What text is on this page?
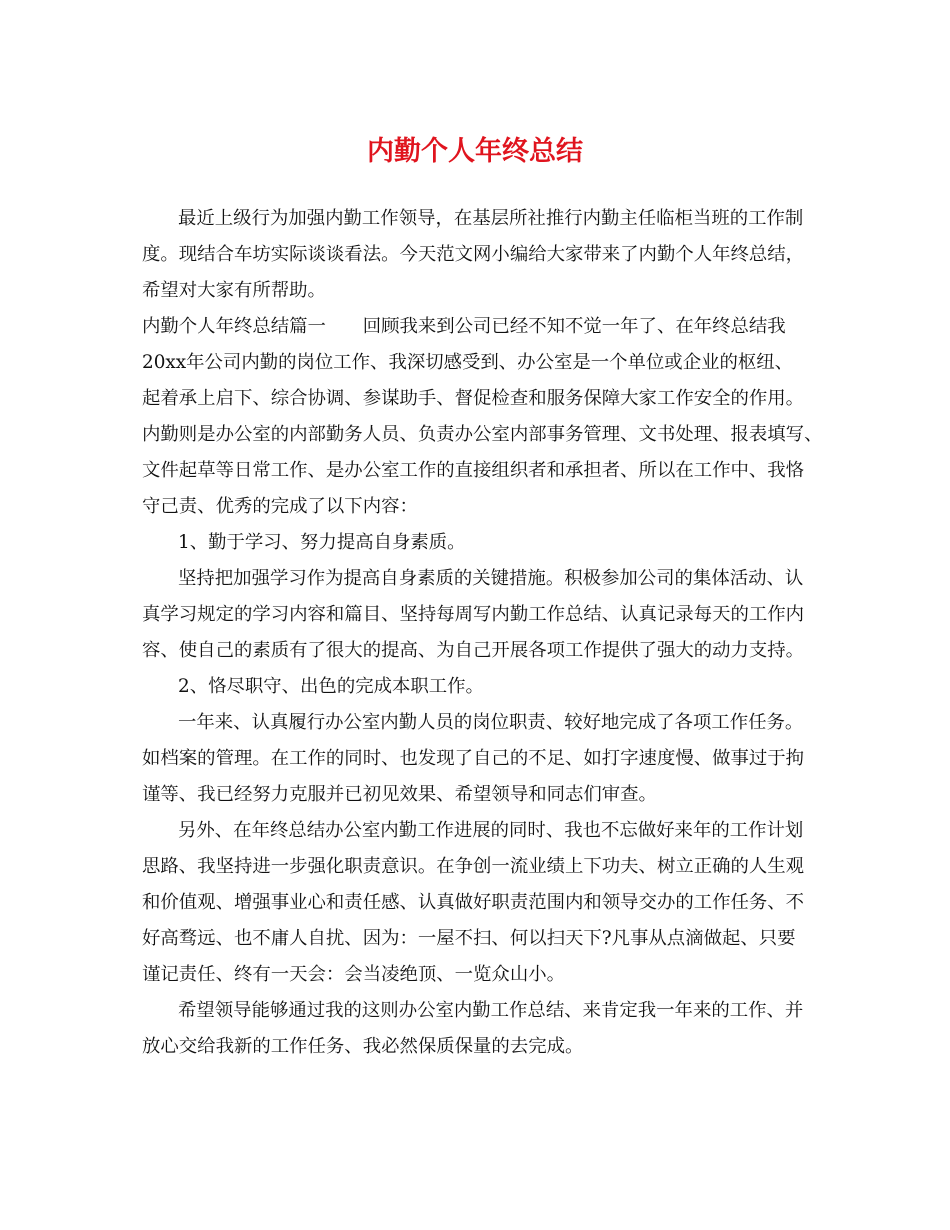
内勤个人年终总结
最近上级行为加强内勤工作领导，在基层所社推行内勤主任临柜当班的工作制
度。现结合车坊实际谈谈看法。今天范文网小编给大家带来了内勤个人年终总结，
希望对大家有所帮助。
内勤个人年终总结篇一　　回顾我来到公司已经不知不觉一年了、在年终总结我
20xx年公司内勤的岗位工作、我深切感受到、办公室是一个单位或企业的枢纽、
起着承上启下、综合协调、参谋助手、督促检查和服务保障大家工作安全的作用。
内勤则是办公室的内部勤务人员、负责办公室内部事务管理、文书处理、报表填写、
文件起草等日常工作、是办公室工作的直接组织者和承担者、所以在工作中、我恪
守己责、优秀的完成了以下内容：
1、勤于学习、努力提高自身素质。
坚持把加强学习作为提高自身素质的关键措施。积极参加公司的集体活动、认
真学习规定的学习内容和篇目、坚持每周写内勤工作总结、认真记录每天的工作内
容、使自己的素质有了很大的提高、为自己开展各项工作提供了强大的动力支持。
2、恪尽职守、出色的完成本职工作。
一年来、认真履行办公室内勤人员的岗位职责、较好地完成了各项工作任务。
如档案的管理。在工作的同时、也发现了自己的不足、如打字速度慢、做事过于拘
谨等、我已经努力克服并已初见效果、希望领导和同志们审查。
另外、在年终总结办公室内勤工作进展的同时、我也不忘做好来年的工作计划
思路、我坚持进一步强化职责意识。在争创一流业绩上下功夫、树立正确的人生观
和价值观、增强事业心和责任感、认真做好职责范围内和领导交办的工作任务、不
好高骛远、也不庸人自扰、因为：一屋不扫、何以扫天下?凡事从点滴做起、只要
谨记责任、终有一天会：会当凌绝顶、一览众山小。
希望领导能够通过我的这则办公室内勤工作总结、来肯定我一年来的工作、并
放心交给我新的工作任务、我必然保质保量的去完成。
